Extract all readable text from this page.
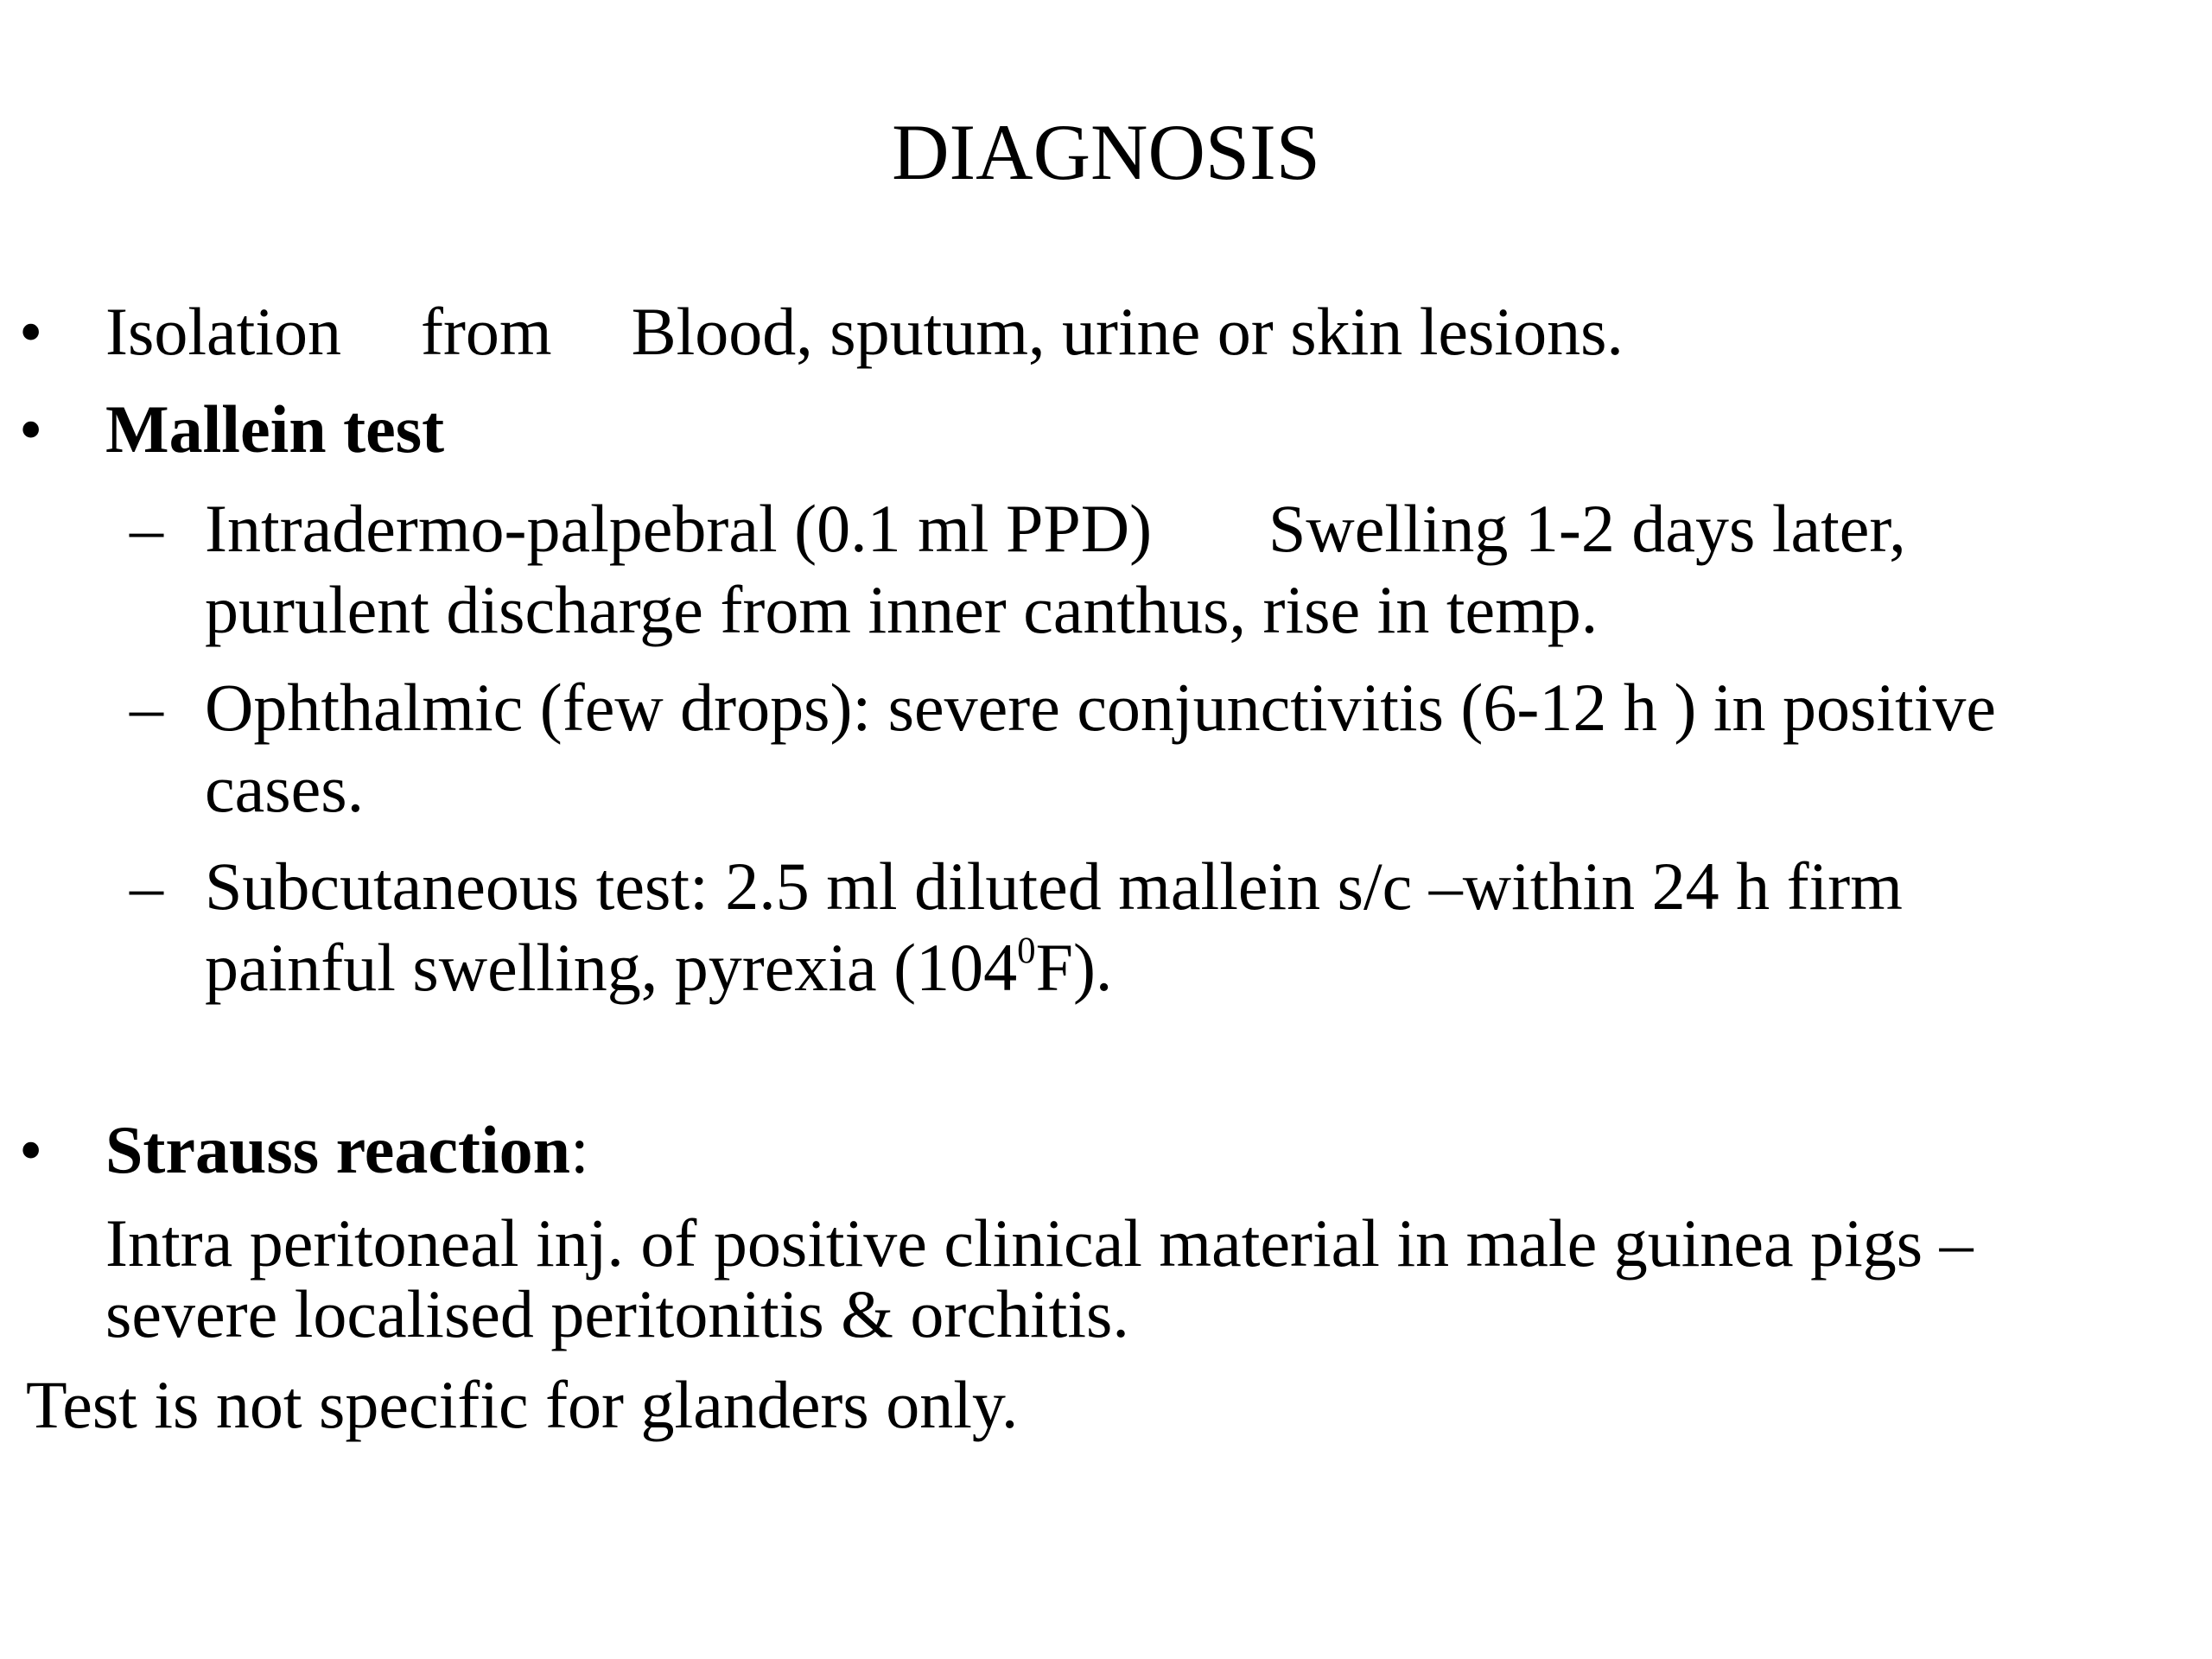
DIAGNOSIS
• Isolation from Blood, sputum, urine or skin lesions.
• Mallein test
– Intradermo-palpebral (0.1 ml PPD) Swelling 1-2 days later,
purulent discharge from inner canthus, rise in temp.
– Ophthalmic (few drops): severe conjunctivitis (6-12 h ) in positive
cases.
– Subcutaneous test: 2.5 ml diluted mallein s/c –within 24 h firm
painful swelling, pyrexia $(104^0F)$.
• Strauss reaction:
Intra peritoneal inj. of positive clinical material in male guinea pigs –
severe localised peritonitis & orchitis.
Test is not specific for glanders only.
